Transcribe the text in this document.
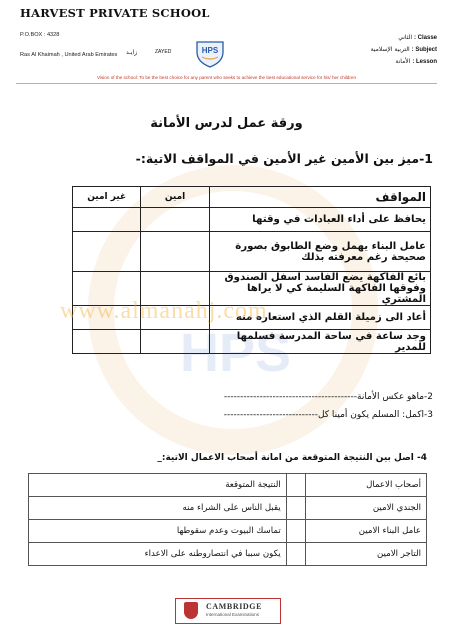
HARVEST PRIVATE SCHOOL
P.O.BOX : 4328
Ras Al Khaimah , United Arab Emirates زايـد	ZAYED	HPS
Classe : الثاني
Subject : التربية الإسلامية
Lesson : الأمانة
Vision of the school: To be the best choice for any parent who seeks to achieve the best educational service for his/ her children
HPS
ورقة عمل لدرس الأمانة
1-ميز بين الأمين غير الأمين في المواقف الاتية:-
المواقف	امين	غير امين
يحافظ على أداء العبادات في وقتها		
عامل البناء يهمل وضع الطابوق بصورة صحيحة رغم معرفته بذلك		
بائع الفاكهة يضع الفاسد اسفل الصندوق وفوقها الفاكهة السليمة كي لا يراها المشتري		
أعاد الى زميلة القلم الذي استعاره منه		
وجد ساعة في ساحة المدرسة فسلمها للمدير		
www.almanahj.com
2-ماهو عكس الأمانة-----------------------------------------
3-اكمل: المسلم يكون أمينا كل-----------------------------
4- اصل بين النتيجة المتوقعة من امانة أصحاب الاعمال الاتية:_
أصحاب الاعمال		النتيجة المتوقعة
الجندي الامين		يقبل الناس على الشراء منه
عامل البناء الامين		تماسك البيوت وعدم سقوطها
التاجر الامين		يكون سببا في انتصاروطنه على الاعداء
CAMBRIDGE
International Examinations
